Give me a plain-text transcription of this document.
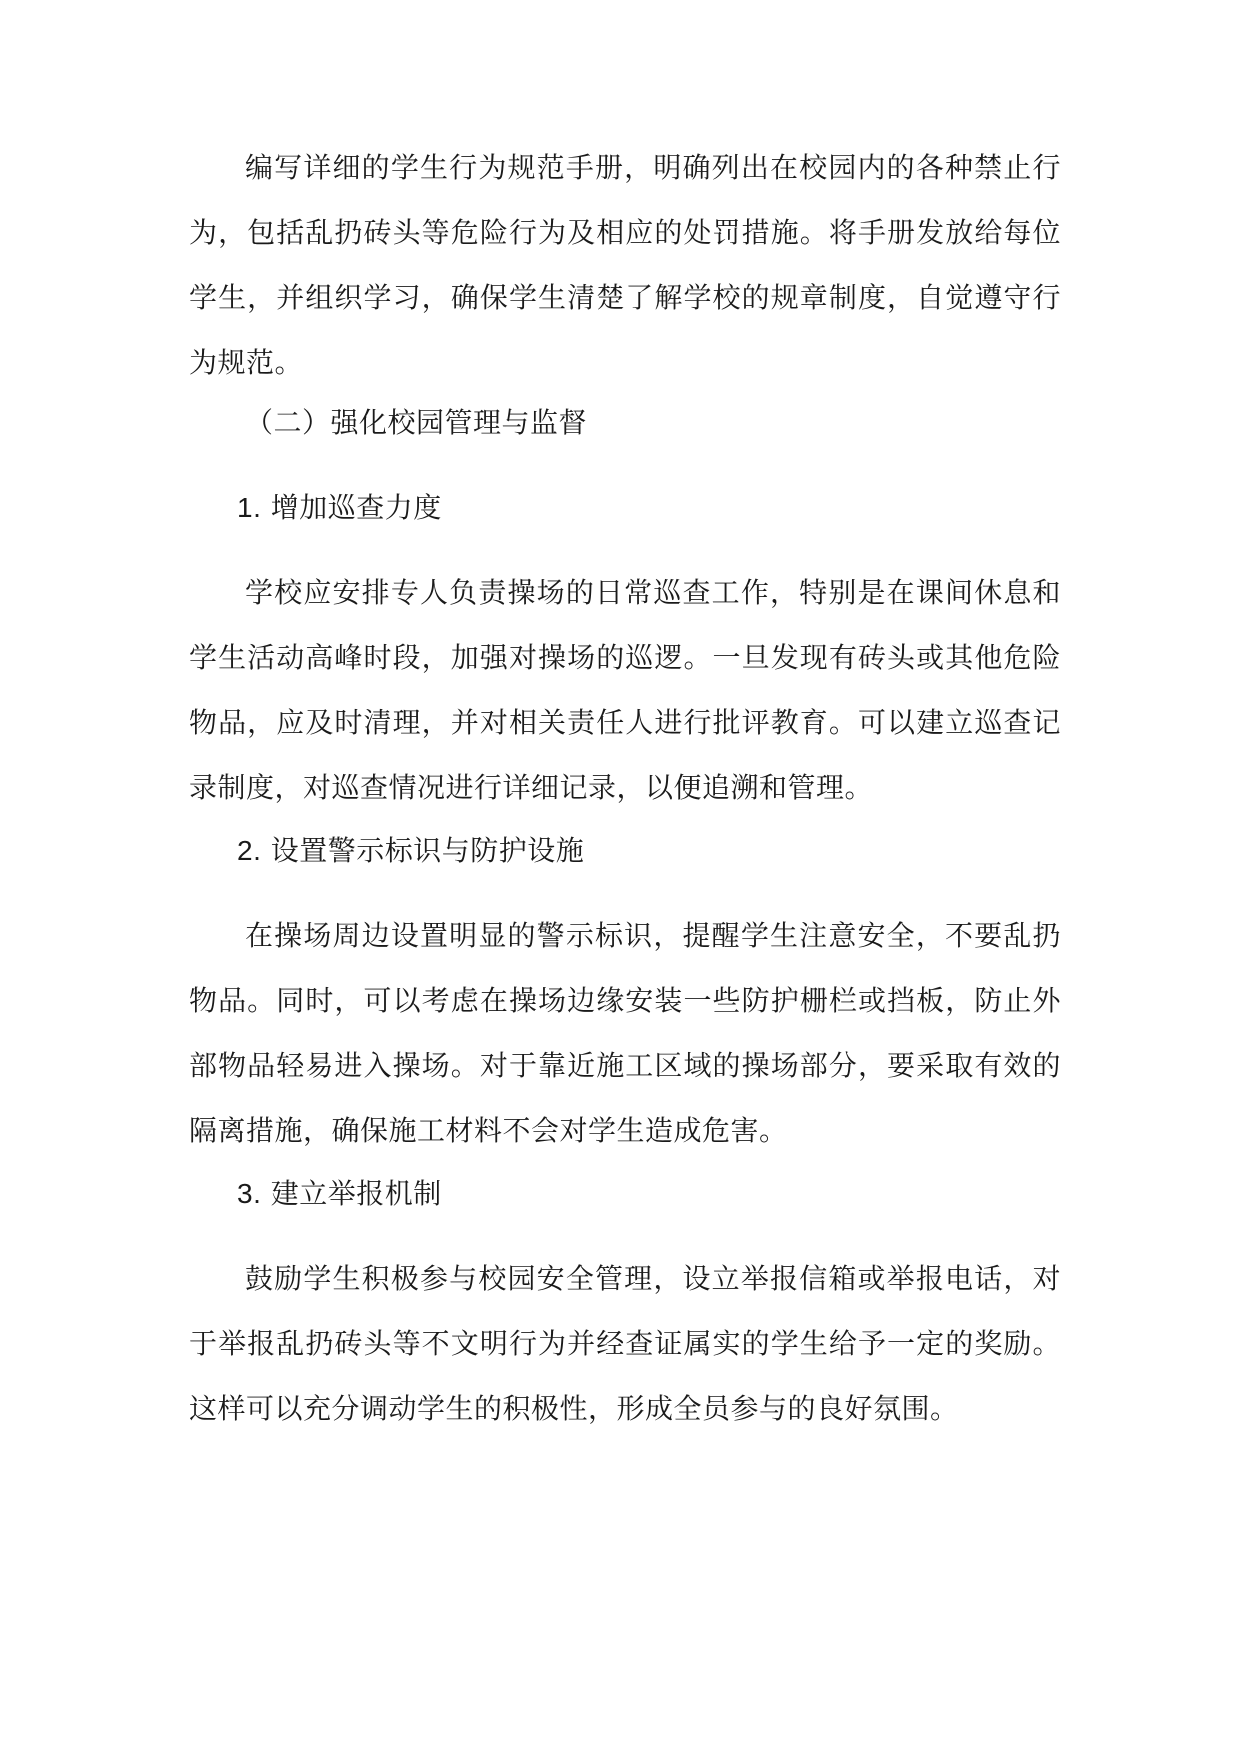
编写详细的学生行为规范手册，明确列出在校园内的各种禁止行为，包括乱扔砖头等危险行为及相应的处罚措施。将手册发放给每位学生，并组织学习，确保学生清楚了解学校的规章制度，自觉遵守行为规范。

（二）强化校园管理与监督

1. 增加巡查力度

学校应安排专人负责操场的日常巡查工作，特别是在课间休息和学生活动高峰时段，加强对操场的巡逻。一旦发现有砖头或其他危险物品，应及时清理，并对相关责任人进行批评教育。可以建立巡查记录制度，对巡查情况进行详细记录，以便追溯和管理。

2. 设置警示标识与防护设施

在操场周边设置明显的警示标识，提醒学生注意安全，不要乱扔物品。同时，可以考虑在操场边缘安装一些防护栅栏或挡板，防止外部物品轻易进入操场。对于靠近施工区域的操场部分，要采取有效的隔离措施，确保施工材料不会对学生造成危害。

3. 建立举报机制

鼓励学生积极参与校园安全管理，设立举报信箱或举报电话，对于举报乱扔砖头等不文明行为并经查证属实的学生给予一定的奖励。这样可以充分调动学生的积极性，形成全员参与的良好氛围。
